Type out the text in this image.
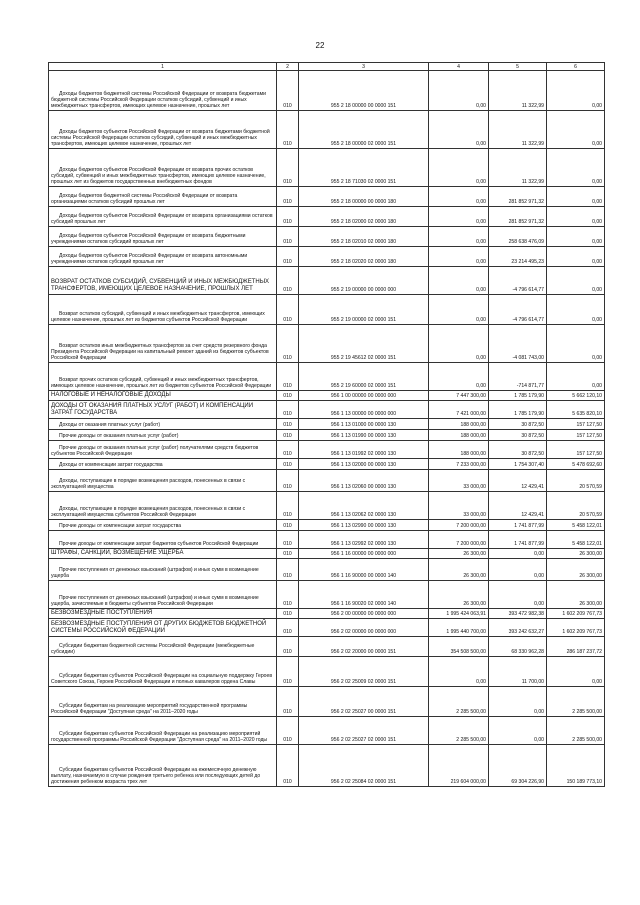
22
1	2	3	4	5	6
Доходы бюджетов бюджетной системы Российской Федерации от возврата бюджетами бюджетной системы Российской Федерации остатков субсидий, субвенций и иных межбюджетных трансфертов, имеющих целевое назначение, прошлых лет	010	955 2 18 00000 00 0000 151	0,00	11 322,99	0,00
Доходы бюджетов субъектов Российской Федерации от возврата бюджетами бюджетной системы Российской Федерации остатков субсидий, субвенций и иных межбюджетных трансфертов, имеющих целевое назначение, прошлых лет	010	955 2 18 00000 02 0000 151	0,00	11 322,99	0,00
Доходы бюджетов субъектов Российской Федерации от возврата прочих остатков субсидий, субвенций и иных межбюджетных трансфертов, имеющих целевое назначение, прошлых лет из бюджетов государственных внебюджетных фондов	010	955 2 18 71030 02 0000 151	0,00	11 322,99	0,00
Доходы бюджетов бюджетной системы Российской Федерации от возврата организациями остатков субсидий прошлых лет	010	955 2 18 00000 00 0000 180	0,00	281 852 971,32	0,00
Доходы бюджетов субъектов Российской Федерации от возврата организациями остатков субсидий прошлых лет	010	955 2 18 02000 02 0000 180	0,00	281 852 971,32	0,00
Доходы бюджетов субъектов Российской Федерации от возврата бюджетными учреждениями остатков субсидий прошлых лет	010	955 2 18 02010 02 0000 180	0,00	258 638 476,09	0,00
Доходы бюджетов субъектов Российской Федерации от возврата автономными учреждениями остатков субсидий прошлых лет	010	955 2 18 02020 02 0000 180	0,00	23 214 495,23	0,00
ВОЗВРАТ ОСТАТКОВ СУБСИДИЙ, СУБВЕНЦИЙ И ИНЫХ МЕЖБЮДЖЕТНЫХ ТРАНСФЕРТОВ, ИМЕЮЩИХ ЦЕЛЕВОЕ НАЗНАЧЕНИЕ, ПРОШЛЫХ ЛЕТ	010	955 2 19 00000 00 0000 000	0,00	-4 796 614,77	0,00
Возврат остатков субсидий, субвенций и иных межбюджетных трансфертов, имеющих целевое назначение, прошлых лет из бюджетов субъектов Российской Федерации	010	955 2 19 00000 02 0000 151	0,00	-4 796 614,77	0,00
Возврат остатков иных межбюджетных трансфертов за счет средств резервного фонда Президента Российской Федерации на капитальный ремонт зданий из бюджетов субъектов Российской Федерации	010	955 2 19 45612 02 0000 151	0,00	-4 081 743,00	0,00
Возврат прочих остатков субсидий, субвенций и иных межбюджетных трансфертов, имеющих целевое назначение, прошлых лет из бюджетов субъектов Российской Федерации	010	955 2 19 60000 02 0000 151	0,00	-714 871,77	0,00
НАЛОГОВЫЕ И НЕНАЛОГОВЫЕ ДОХОДЫ	010	956 1 00 00000 00 0000 000	7 447 300,00	1 785 179,90	5 662 120,10
ДОХОДЫ ОТ ОКАЗАНИЯ ПЛАТНЫХ УСЛУГ (РАБОТ) И КОМПЕНСАЦИИ ЗАТРАТ ГОСУДАРСТВА	010	956 1 13 00000 00 0000 000	7 421 000,00	1 785 179,90	5 635 820,10
Доходы от оказания платных услуг (работ)	010	956 1 13 01000 00 0000 130	188 000,00	30 872,50	157 127,50
Прочие доходы от оказания платных услуг (работ)	010	956 1 13 01990 00 0000 130	188 000,00	30 872,50	157 127,50
Прочие доходы от оказания платных услуг (работ) получателями средств бюджетов субъектов Российской Федерации	010	956 1 13 01992 02 0000 130	188 000,00	30 872,50	157 127,50
Доходы от компенсации затрат государства	010	956 1 13 02000 00 0000 130	7 233 000,00	1 754 307,40	5 478 692,60
Доходы, поступающие в порядке возмещения расходов, понесенных в связи с эксплуатацией имущества	010	956 1 13 02060 00 0000 130	33 000,00	12 429,41	20 570,59
Доходы, поступающие в порядке возмещения расходов, понесенных в связи с эксплуатацией имущества субъектов Российской Федерации	010	956 1 13 02062 02 0000 130	33 000,00	12 429,41	20 570,59
Прочие доходы от компенсации затрат государства	010	956 1 13 02990 00 0000 130	7 200 000,00	1 741 877,99	5 458 122,01
Прочие доходы от компенсации затрат бюджетов субъектов Российской Федерации	010	956 1 13 02992 02 0000 130	7 200 000,00	1 741 877,99	5 458 122,01
ШТРАФЫ, САНКЦИИ, ВОЗМЕЩЕНИЕ УЩЕРБА	010	956 1 16 00000 00 0000 000	26 300,00	0,00	26 300,00
Прочие поступления от денежных взысканий (штрафов) и иных сумм в возмещение ущерба	010	956 1 16 90000 00 0000 140	26 300,00	0,00	26 300,00
Прочие поступления от денежных взысканий (штрафов) и иных сумм в возмещение ущерба, зачисляемые в бюджеты субъектов Российской Федерации	010	956 1 16 90020 02 0000 140	26 300,00	0,00	26 300,00
БЕЗВОЗМЕЗДНЫЕ ПОСТУПЛЕНИЯ	010	956 2 00 00000 00 0000 000	1 995 424 063,91	393 472 982,38	1 602 209 767,73
БЕЗВОЗМЕЗДНЫЕ ПОСТУПЛЕНИЯ ОТ ДРУГИХ БЮДЖЕТОВ БЮДЖЕТНОЙ СИСТЕМЫ РОССИЙСКОЙ ФЕДЕРАЦИИ	010	956 2 02 00000 00 0000 000	1 995 440 700,00	393 242 632,27	1 602 209 767,73
Субсидии бюджетам бюджетной системы Российской Федерации (межбюджетные субсидии)	010	956 2 02 20000 00 0000 151	354 508 500,00	68 330 962,28	286 187 237,72
Субсидии бюджетам субъектов Российской Федерации на социальную поддержку Героев Советского Союза, Героев Российской Федерации и полных кавалеров ордена Славы	010	956 2 02 25009 02 0000 151	0,00	11 700,00	0,00
Субсидии бюджетам на реализацию мероприятий государственной программы Российской Федерации "Доступная среда" на 2011–2020 годы	010	956 2 02 25027 00 0000 151	2 285 500,00	0,00	2 285 500,00
Субсидии бюджетам субъектов Российской Федерации на реализацию мероприятий государственной программы Российской Федерации "Доступная среда" на 2011–2020 годы	010	956 2 02 25027 02 0000 151	2 285 500,00	0,00	2 285 500,00
Субсидии бюджетам субъектов Российской Федерации на ежемесячную денежную выплату, назначаемую в случае рождения третьего ребенка или последующих детей до достижения ребенком возраста трех лет	010	956 2 02 25084 02 0000 151	219 604 000,00	69 304 226,90	150 189 773,10
